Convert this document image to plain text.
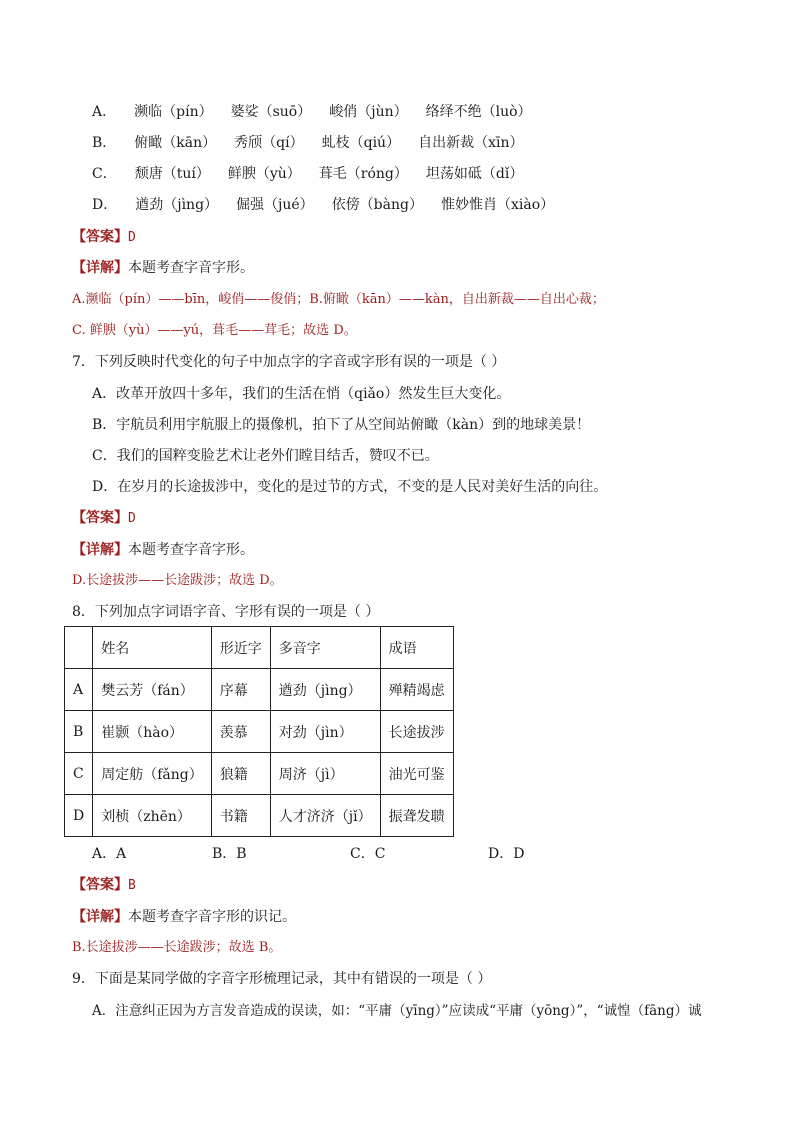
A． 濒临（pín） 婆娑（suō） 峻俏（jùn） 络绎不绝（luò）
B． 俯瞰（kān） 秀颀（qí） 虬枝（qiú） 自出新裁（xīn）
C． 颓唐（tuí） 鲜腴（yù） 葺毛（róng） 坦荡如砥（dǐ）
D． 遒劲（jìng） 倔强（jué） 依傍（bàng） 惟妙惟肖（xiào）
【答案】D
【详解】本题考查字音字形。
A.濒临（pín）——bīn，峻俏——俊俏；B.俯瞰（kān）——kàn，自出新裁——自出心裁；
C. 鲜腴（yù）——yú，葺毛——茸毛；故选 D。
7．下列反映时代变化的句子中加点字的字音或字形有误的一项是（ ）
A．改革开放四十多年，我们的生活在悄（qiǎo）然发生巨大变化。
B．宇航员利用宇航服上的摄像机，拍下了从空间站俯瞰（kàn）到的地球美景！
C．我们的国粹变脸艺术让老外们瞠目结舌，赞叹不已。
D．在岁月的长途拔涉中，变化的是过节的方式，不变的是人民对美好生活的向往。
【答案】D
【详解】本题考查字音字形。
D.长途拔涉——长途跋涉；故选 D。
8．下列加点字词语字音、字形有误的一项是（ ）
	姓名	形近字	多音字	成语
A	樊云芳（fán）	序幕	遒劲（jìng）	殚精竭虑
B	崔颢（hào）	羡慕	对劲（jìn）	长途拔涉
C	周定舫（fǎng）	狼籍	周济（jì）	油光可鉴
D	刘桢（zhēn）	书籍	人才济济（jǐ）	振聋发聩
A．A	B．B	C．C	D．D
【答案】B
【详解】本题考查字音字形的识记。
B.长途拔涉——长途跋涉；故选 B。
9．下面是某同学做的字音字形梳理记录，其中有错误的一项是（ ）
A．注意纠正因为方言发音造成的误读，如：“平庸（yīng）”应读成“平庸（yōng）”，“诚惶（fāng）诚
